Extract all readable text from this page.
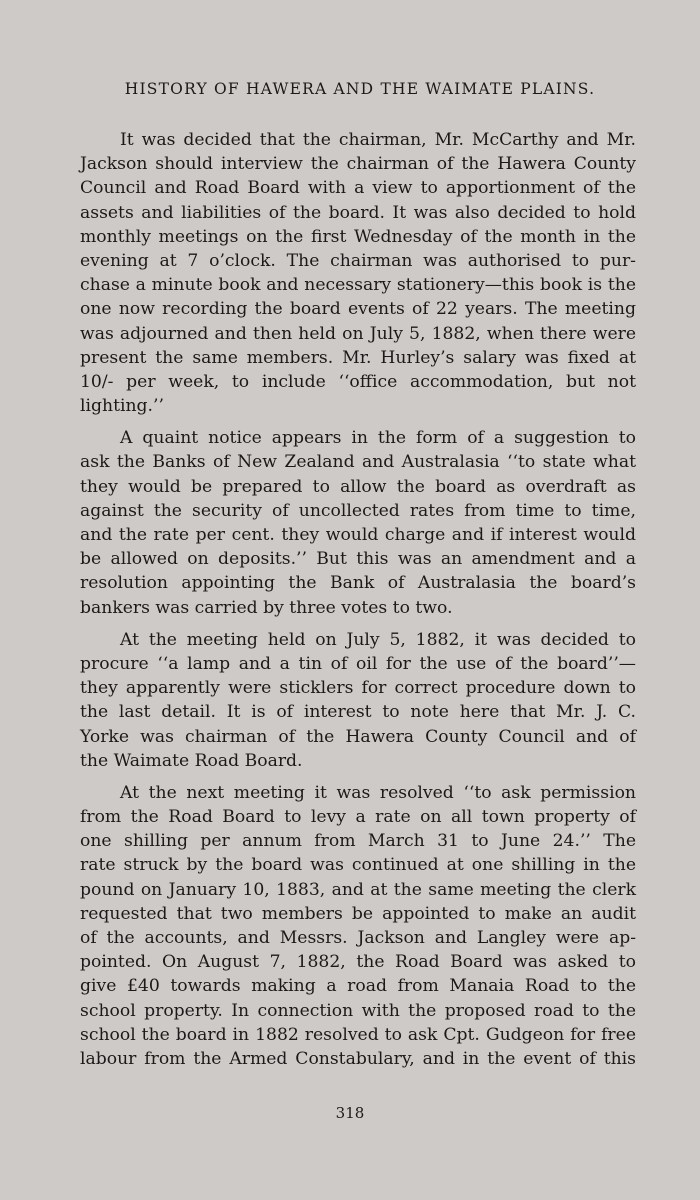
HISTORY OF HAWERA AND THE WAIMATE PLAINS.
It was decided that the chairman, Mr. McCarthy and Mr.
Jackson should interview the chairman of the Hawera County
Council and Road Board with a view to apportionment of the
assets and liabilities of the board. It was also decided to hold
monthly meetings on the first Wednesday of the month in the
evening at 7 o’clock. The chairman was authorised to pur-
chase a minute book and necessary stationery—this book is the
one now recording the board events of 22 years. The meeting
was adjourned and then held on July 5, 1882, when there were
present the same members. Mr. Hurley’s salary was fixed at
10/- per week, to include ‘‘office accommodation, but not
lighting.’’
A quaint notice appears in the form of a suggestion to
ask the Banks of New Zealand and Australasia ‘‘to state what
they would be prepared to allow the board as overdraft as
against the security of uncollected rates from time to time,
and the rate per cent. they would charge and if interest would
be allowed on deposits.’’ But this was an amendment and a
resolution appointing the Bank of Australasia the board’s
bankers was carried by three votes to two.
At the meeting held on July 5, 1882, it was decided to
procure ‘‘a lamp and a tin of oil for the use of the board’’—
they apparently were sticklers for correct procedure down to
the last detail. It is of interest to note here that Mr. J. C.
Yorke was chairman of the Hawera County Council and of
the Waimate Road Board.
At the next meeting it was resolved ‘‘to ask permission
from the Road Board to levy a rate on all town property of
one shilling per annum from March 31 to June 24.’’ The
rate struck by the board was continued at one shilling in the
pound on January 10, 1883, and at the same meeting the clerk
requested that two members be appointed to make an audit
of the accounts, and Messrs. Jackson and Langley were ap-
pointed. On August 7, 1882, the Road Board was asked to
give £40 towards making a road from Manaia Road to the
school property. In connection with the proposed road to the
school the board in 1882 resolved to ask Cpt. Gudgeon for free
labour from the Armed Constabulary, and in the event of this
318
